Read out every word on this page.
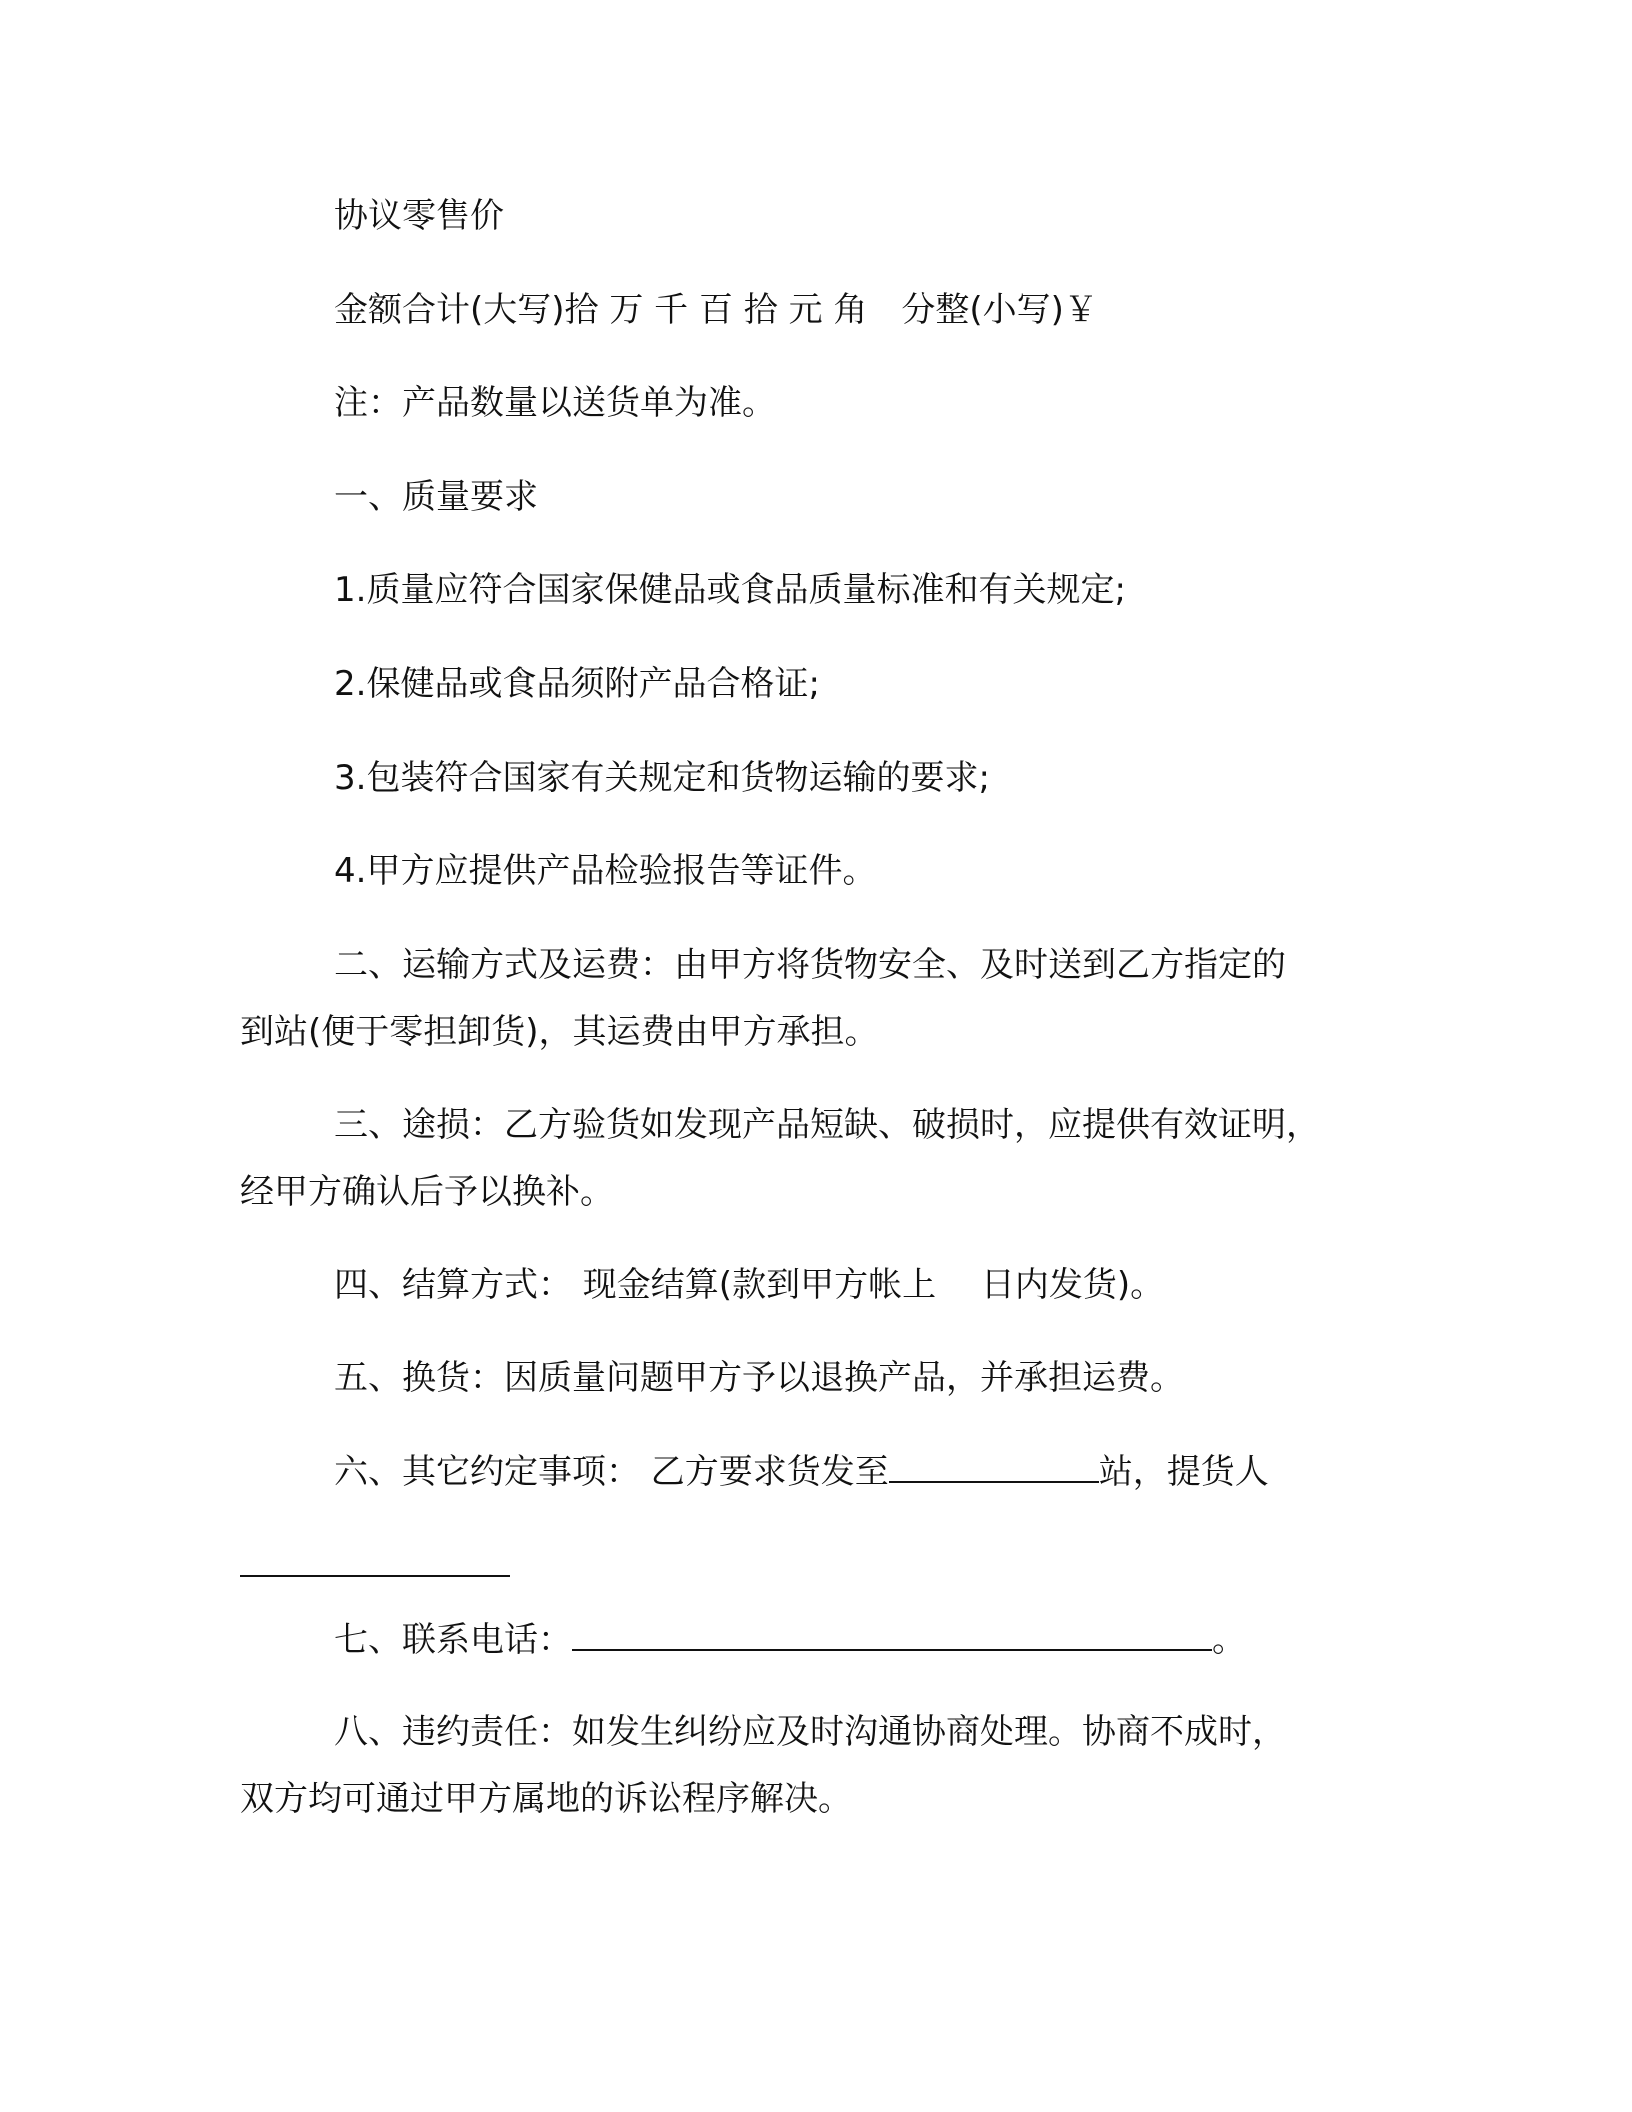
协议零售价
金额合计(大写)拾 万 千 百 拾 元 角　分整(小写)￥
注：产品数量以送货单为准。
一、质量要求
1.质量应符合国家保健品或食品质量标准和有关规定;
2.保健品或食品须附产品合格证;
3.包装符合国家有关规定和货物运输的要求;
4.甲方应提供产品检验报告等证件。
二、运输方式及运费：由甲方将货物安全、及时送到乙方指定的
到站(便于零担卸货)，其运费由甲方承担。
三、途损：乙方验货如发现产品短缺、破损时，应提供有效证明，
经甲方确认后予以换补。
四、结算方式： 现金结算(款到甲方帐上　 日内发货)。
五、换货：因质量问题甲方予以退换产品，并承担运费。
六、其它约定事项： 乙方要求货发至	站，提货人
七、联系电话：	。
八、违约责任：如发生纠纷应及时沟通协商处理。协商不成时，
双方均可通过甲方属地的诉讼程序解决。
